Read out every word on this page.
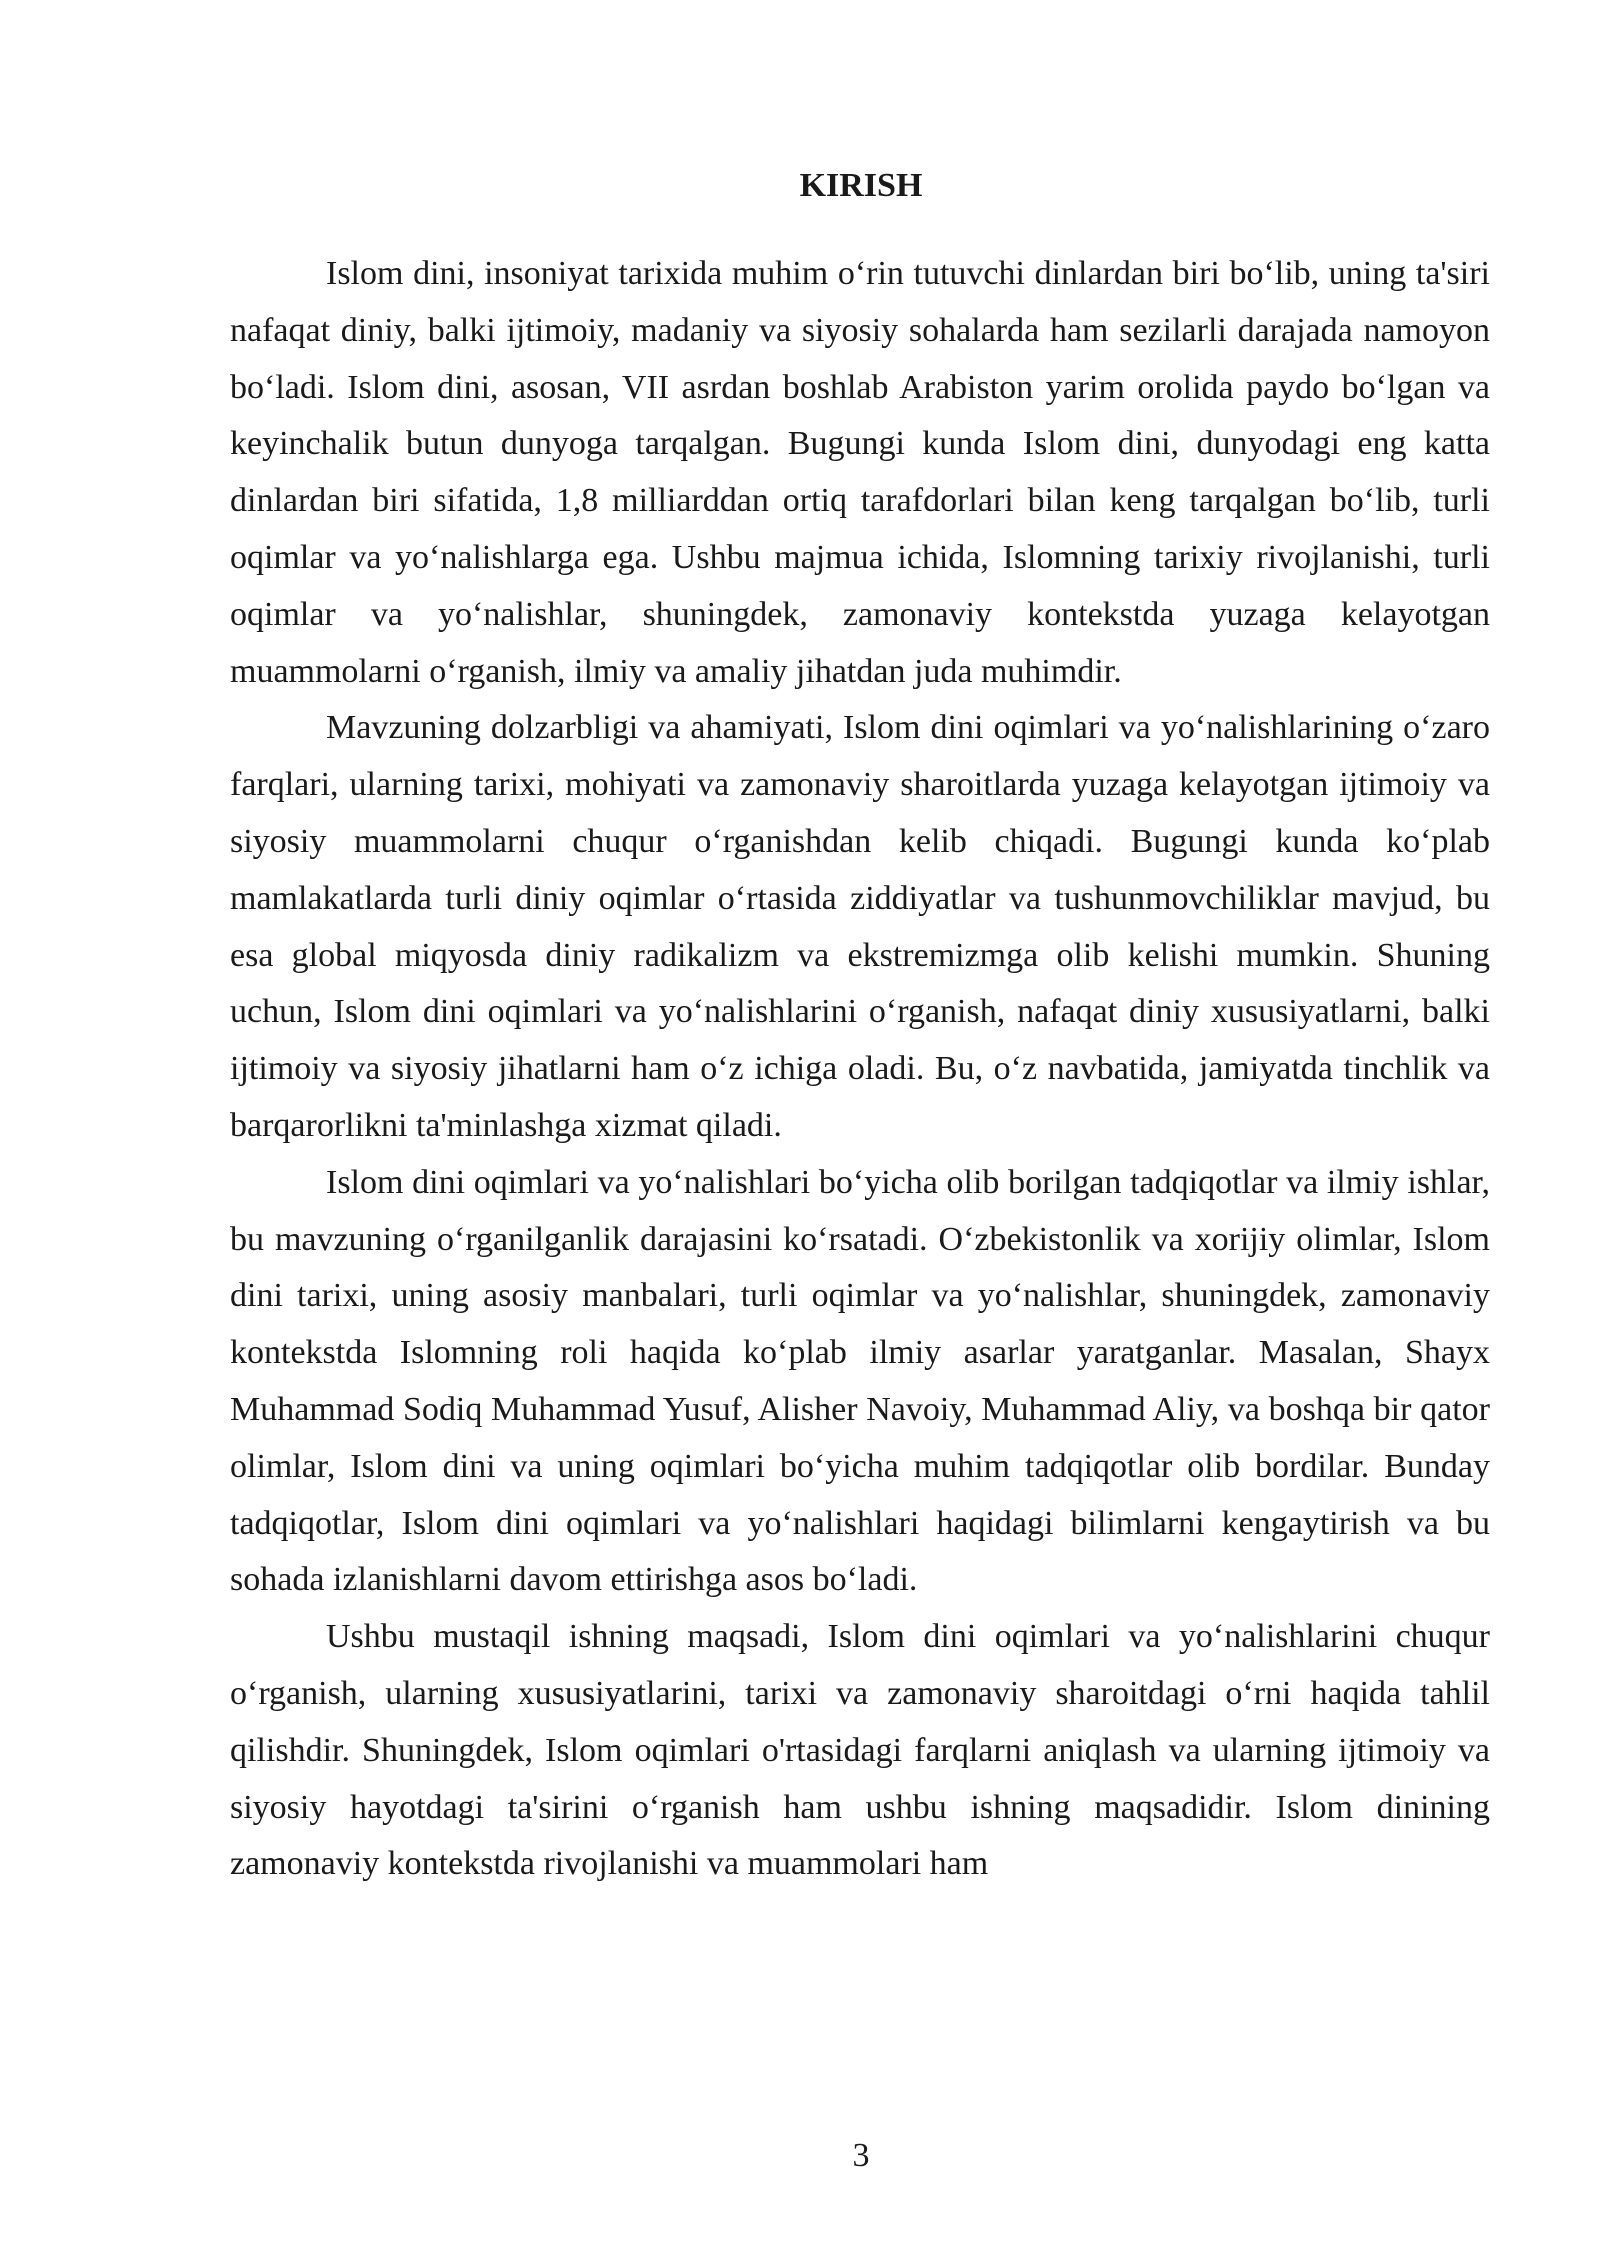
KIRISH

Islom dini, insoniyat tarixida muhim o‘rin tutuvchi dinlardan biri bo‘lib, uning ta'siri nafaqat diniy, balki ijtimoiy, madaniy va siyosiy sohalarda ham sezilarli darajada namoyon bo‘ladi. Islom dini, asosan, VII asrdan boshlab Arabiston yarim orolida paydo bo‘lgan va keyinchalik butun dunyoga tarqalgan. Bugungi kunda Islom dini, dunyodagi eng katta dinlardan biri sifatida, 1,8 milliarddan ortiq tarafdorlari bilan keng tarqalgan bo‘lib, turli oqimlar va yo‘nalishlarga ega. Ushbu majmua ichida, Islomning tarixiy rivojlanishi, turli oqimlar va yo‘nalishlar, shuningdek, zamonaviy kontekstda yuzaga kelayotgan muammolarni o‘rganish, ilmiy va amaliy jihatdan juda muhimdir.

Mavzuning dolzarbligi va ahamiyati, Islom dini oqimlari va yo‘nalishlarining o‘zaro farqlari, ularning tarixi, mohiyati va zamonaviy sharoitlarda yuzaga kelayotgan ijtimoiy va siyosiy muammolarni chuqur o‘rganishdan kelib chiqadi. Bugungi kunda ko‘plab mamlakatlarda turli diniy oqimlar o‘rtasida ziddiyatlar va tushunmovchiliklar mavjud, bu esa global miqyosda diniy radikalizm va ekstremizmga olib kelishi mumkin. Shuning uchun, Islom dini oqimlari va yo‘nalishlarini o‘rganish, nafaqat diniy xususiyatlarni, balki ijtimoiy va siyosiy jihatlarni ham o‘z ichiga oladi. Bu, o‘z navbatida, jamiyatda tinchlik va barqarorlikni ta'minlashga xizmat qiladi.

Islom dini oqimlari va yo‘nalishlari bo‘yicha olib borilgan tadqiqotlar va ilmiy ishlar, bu mavzuning o‘rganilganlik darajasini ko‘rsatadi. O‘zbekistonlik va xorijiy olimlar, Islom dini tarixi, uning asosiy manbalari, turli oqimlar va yo‘nalishlar, shuningdek, zamonaviy kontekstda Islomning roli haqida ko‘plab ilmiy asarlar yaratganlar. Masalan, Shayx Muhammad Sodiq Muhammad Yusuf, Alisher Navoiy, Muhammad Aliy, va boshqa bir qator olimlar, Islom dini va uning oqimlari bo‘yicha muhim tadqiqotlar olib bordilar. Bunday tadqiqotlar, Islom dini oqimlari va yo‘nalishlari haqidagi bilimlarni kengaytirish va bu sohada izlanishlarni davom ettirishga asos bo‘ladi.

Ushbu mustaqil ishning maqsadi, Islom dini oqimlari va yo‘nalishlarini chuqur o‘rganish, ularning xususiyatlarini, tarixi va zamonaviy sharoitdagi o‘rni haqida tahlil qilishdir. Shuningdek, Islom oqimlari o'rtasidagi farqlarni aniqlash va ularning ijtimoiy va siyosiy hayotdagi ta'sirini o‘rganish ham ushbu ishning maqsadidir. Islom dinining zamonaviy kontekstda rivojlanishi va muammolari ham

3
